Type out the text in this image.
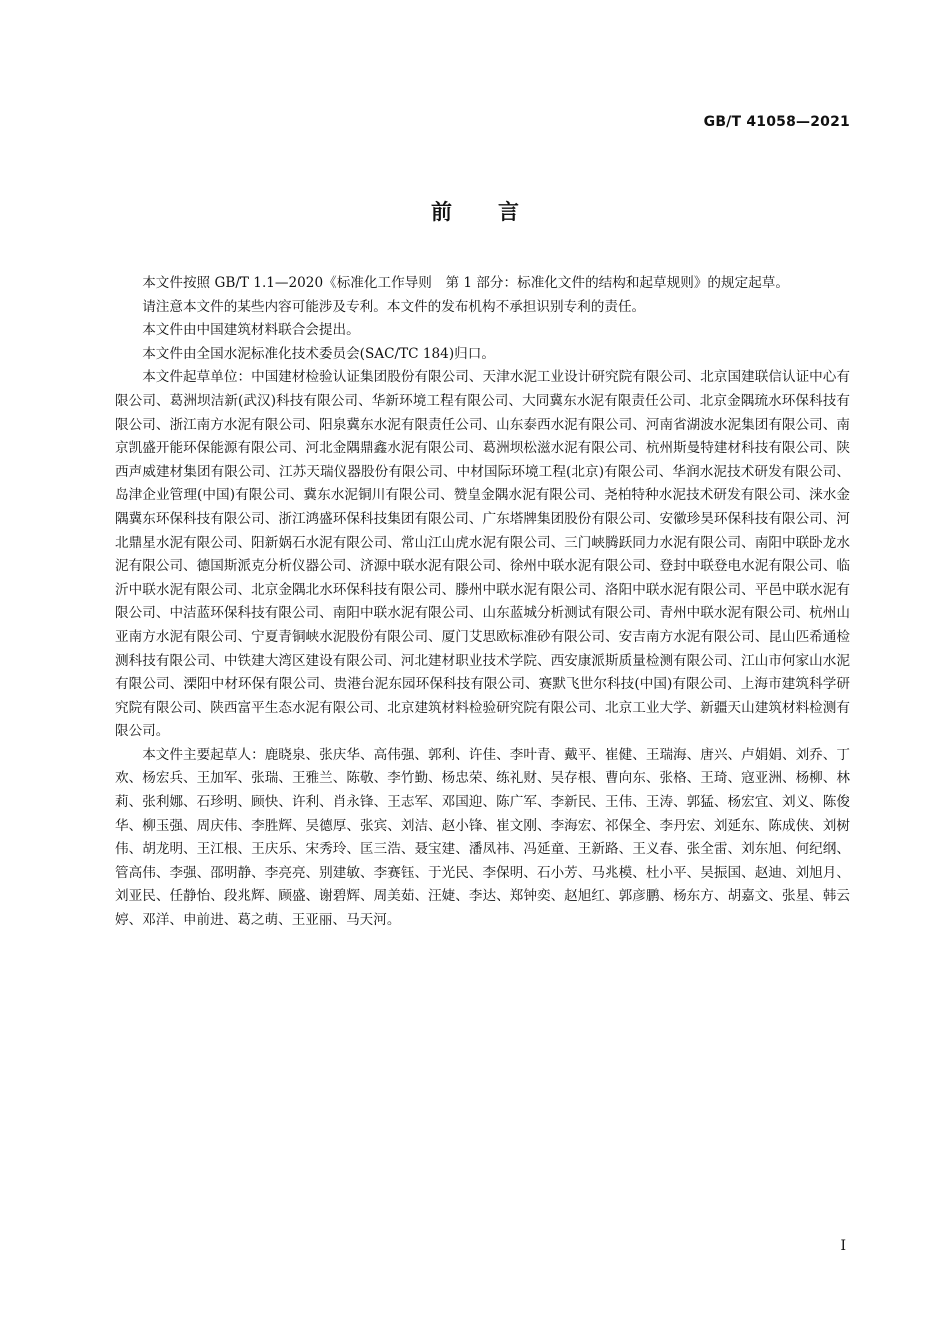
GB/T 41058—2021
前言

本文件按照 GB/T 1.1—2020《标准化工作导则　第 1 部分：标准化文件的结构和起草规则》的规定起草。

请注意本文件的某些内容可能涉及专利。本文件的发布机构不承担识别专利的责任。

本文件由中国建筑材料联合会提出。

本文件由全国水泥标准化技术委员会(SAC/TC 184)归口。

本文件起草单位：中国建材检验认证集团股份有限公司、天津水泥工业设计研究院有限公司、北京国建联信认证中心有限公司、葛洲坝洁新(武汉)科技有限公司、华新环境工程有限公司、大同冀东水泥有限责任公司、北京金隅琉水环保科技有限公司、浙江南方水泥有限公司、阳泉冀东水泥有限责任公司、山东泰西水泥有限公司、河南省湖波水泥集团有限公司、南京凯盛开能环保能源有限公司、河北金隅鼎鑫水泥有限公司、葛洲坝松滋水泥有限公司、杭州斯曼特建材科技有限公司、陕西声威建材集团有限公司、江苏天瑞仪器股份有限公司、中材国际环境工程(北京)有限公司、华润水泥技术研发有限公司、岛津企业管理(中国)有限公司、冀东水泥铜川有限公司、赞皇金隅水泥有限公司、尧柏特种水泥技术研发有限公司、涞水金隅冀东环保科技有限公司、浙江鸿盛环保科技集团有限公司、广东塔牌集团股份有限公司、安徽珍昊环保科技有限公司、河北鼎星水泥有限公司、阳新娲石水泥有限公司、常山江山虎水泥有限公司、三门峡腾跃同力水泥有限公司、南阳中联卧龙水泥有限公司、德国斯派克分析仪器公司、济源中联水泥有限公司、徐州中联水泥有限公司、登封中联登电水泥有限公司、临沂中联水泥有限公司、北京金隅北水环保科技有限公司、滕州中联水泥有限公司、洛阳中联水泥有限公司、平邑中联水泥有限公司、中洁蓝环保科技有限公司、南阳中联水泥有限公司、山东蓝城分析测试有限公司、青州中联水泥有限公司、杭州山亚南方水泥有限公司、宁夏青铜峡水泥股份有限公司、厦门艾思欧标准砂有限公司、安吉南方水泥有限公司、昆山匹希通检测科技有限公司、中铁建大湾区建设有限公司、河北建材职业技术学院、西安康派斯质量检测有限公司、江山市何家山水泥有限公司、溧阳中材环保有限公司、贵港台泥东园环保科技有限公司、赛默飞世尔科技(中国)有限公司、上海市建筑科学研究院有限公司、陕西富平生态水泥有限公司、北京建筑材料检验研究院有限公司、北京工业大学、新疆天山建筑材料检测有限公司。

本文件主要起草人：鹿晓泉、张庆华、高伟强、郭利、许佳、李叶青、戴平、崔健、王瑞海、唐兴、卢娟娟、刘乔、丁欢、杨宏兵、王加军、张瑞、王雅兰、陈敬、李竹勤、杨忠荣、练礼财、吴存根、曹向东、张格、王琦、寇亚洲、杨柳、林莉、张利娜、石珍明、顾快、许利、肖永锋、王志军、邓国迎、陈广军、李新民、王伟、王涛、郭猛、杨宏宜、刘义、陈俊华、柳玉强、周庆伟、李胜辉、吴德厚、张宾、刘洁、赵小锋、崔文刚、李海宏、祁保全、李丹宏、刘延东、陈成侠、刘树伟、胡龙明、王江根、王庆乐、宋秀玲、匡三浩、聂宝建、潘凤祎、冯延童、王新路、王义春、张全雷、刘东旭、何纪纲、管高伟、李强、邵明静、李亮亮、别建敏、李赛钰、于光民、李保明、石小芳、马兆模、杜小平、吴振国、赵迪、刘旭月、刘亚民、任静怡、段兆辉、顾盛、谢碧辉、周美茹、汪婕、李达、郑钟奕、赵旭红、郭彦鹏、杨东方、胡嘉文、张星、韩云婷、邓洋、申前进、葛之萌、王亚丽、马天河。

I
